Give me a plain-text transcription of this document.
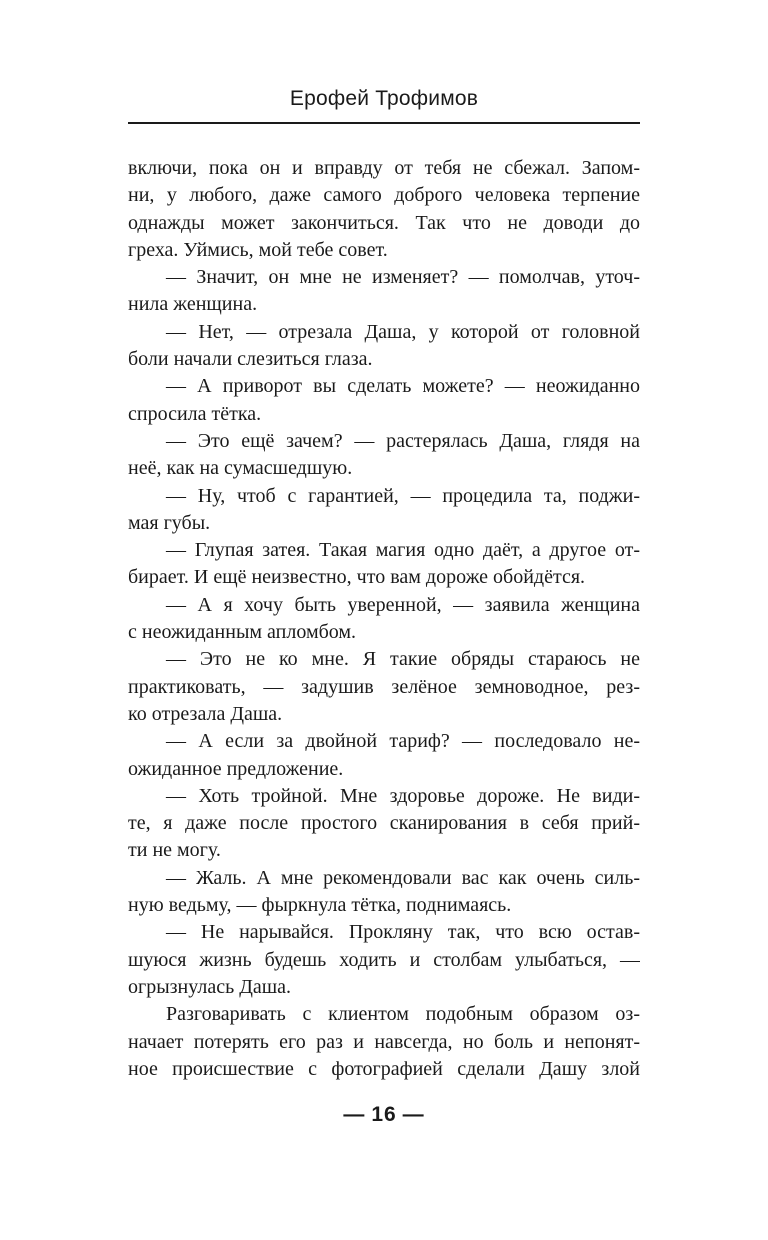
Ерофей Трофимов
включи, пока он и вправду от тебя не сбежал. Запом-
ни, у любого, даже самого доброго человека терпение
однажды может закончиться. Так что не доводи до
греха. Уймись, мой тебе совет.
— Значит, он мне не изменяет? — помолчав, уточ-
нила женщина.
— Нет, — отрезала Даша, у которой от головной
боли начали слезиться глаза.
— А приворот вы сделать можете? — неожиданно
спросила тётка.
— Это ещё зачем? — растерялась Даша, глядя на
неё, как на сумасшедшую.
— Ну, чтоб с гарантией, — процедила та, поджи-
мая губы.
— Глупая затея. Такая магия одно даёт, а другое от-
бирает. И ещё неизвестно, что вам дороже обойдётся.
— А я хочу быть уверенной, — заявила женщина
с неожиданным апломбом.
— Это не ко мне. Я такие обряды стараюсь не
практиковать, — задушив зелёное земноводное, рез-
ко отрезала Даша.
— А если за двойной тариф? — последовало не-
ожиданное предложение.
— Хоть тройной. Мне здоровье дороже. Не види-
те, я даже после простого сканирования в себя прий-
ти не могу.
— Жаль. А мне рекомендовали вас как очень силь-
ную ведьму, — фыркнула тётка, поднимаясь.
— Не нарывайся. Прокляну так, что всю остав-
шуюся жизнь будешь ходить и столбам улыбаться, —
огрызнулась Даша.
Разговаривать с клиентом подобным образом оз-
начает потерять его раз и навсегда, но боль и непонят-
ное происшествие с фотографией сделали Дашу злой
— 16 —
